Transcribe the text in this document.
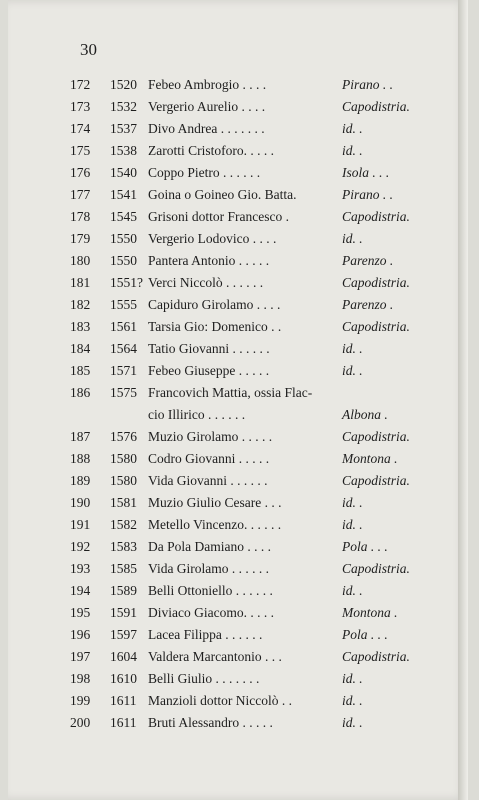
30
172	1520 Febeo Ambrogio . . . .	Pirano . .
173	1532 Vergerio Aurelio . . . .	Capodistria.
174	1537 Divo Andrea . . . . . . .	id. .
175	1538 Zarotti Cristoforo. . . . .	id. .
176	1540 Coppo Pietro . . . . . .	Isola . . .
177	1541 Goina o Goineo Gio. Batta.	Pirano . .
178	1545 Grisoni dottor Francesco .	Capodistria.
179	1550 Vergerio Lodovico . . . .	id. .
180	1550 Pantera Antonio . . . . .	Parenzo .
181	1551? Verci Niccolò . . . . . .	Capodistria.
182	1555 Capiduro Girolamo . . . .	Parenzo .
183	1561 Tarsia Gio: Domenico . .	Capodistria.
184	1564 Tatio Giovanni . . . . . .	id. .
185	1571 Febeo Giuseppe . . . . .	id. .
186	1575 Francovich Mattia, ossia Flac-
cio Illirico . . . . . .	Albona .
187	1576 Muzio Girolamo . . . . .	Capodistria.
188	1580 Codro Giovanni . . . . .	Montona .
189	1580 Vida Giovanni . . . . . .	Capodistria.
190	1581 Muzio Giulio Cesare . . .	id. .
191	1582 Metello Vincenzo. . . . . .	id. .
192	1583 Da Pola Damiano . . . .	Pola . . .
193	1585 Vida Girolamo . . . . . .	Capodistria.
194	1589 Belli Ottoniello . . . . . .	id. .
195	1591 Diviaco Giacomo. . . . .	Montona .
196	1597 Lacea Filippa . . . . . .	Pola . . .
197	1604 Valdera Marcantonio . . .	Capodistria.
198	1610 Belli Giulio . . . . . . .	id. .
199	1611 Manzioli dottor Niccolò . .	id. .
200	1611 Bruti Alessandro . . . . .	id. .
